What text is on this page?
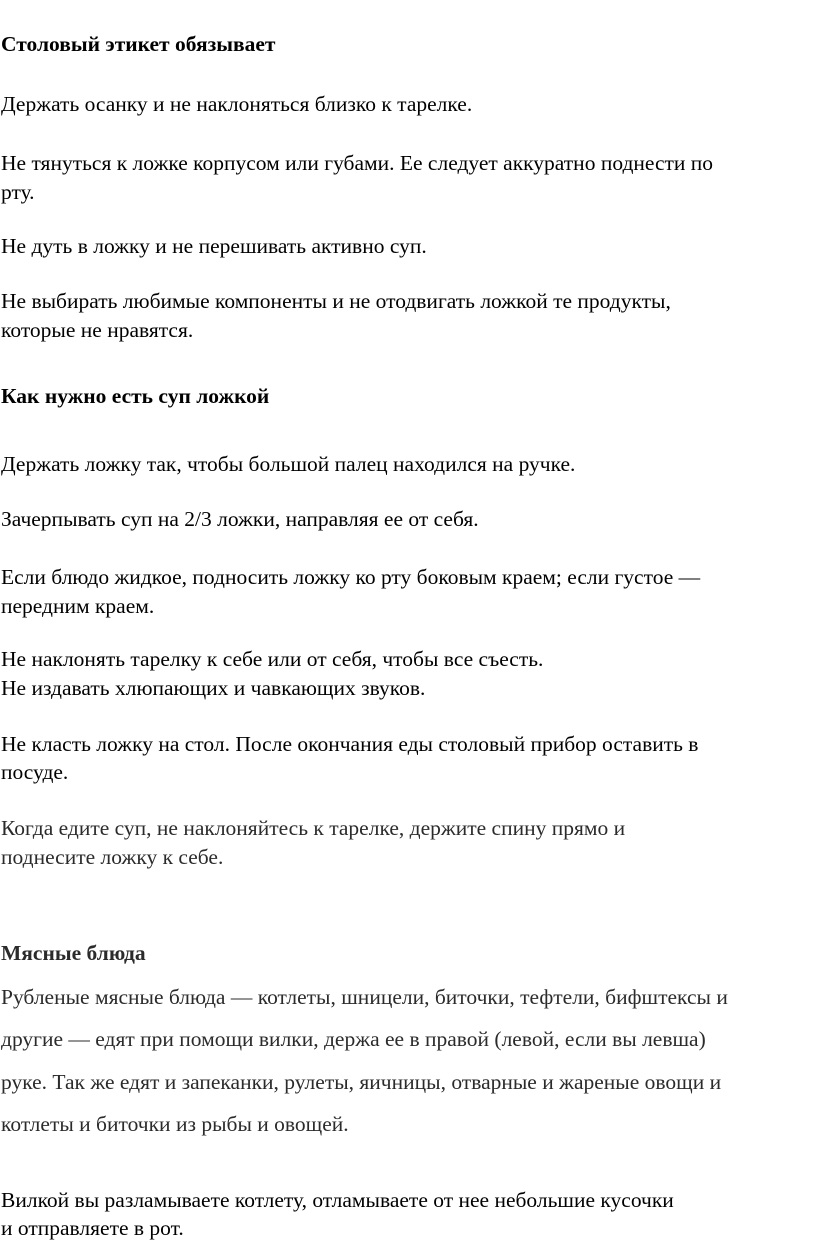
Столовый этикет обязывает
Держать осанку и не наклоняться близко к тарелке.
Не тянуться к ложке корпусом или губами. Ее следует аккуратно поднести по
рту.
Не дуть в ложку и не перешивать активно суп.
Не выбирать любимые компоненты и не отодвигать ложкой те продукты,
которые не нравятся.
Как нужно есть суп ложкой
Держать ложку так, чтобы большой палец находился на ручке.
Зачерпывать суп на 2/3 ложки, направляя ее от себя.
Если блюдо жидкое, подносить ложку ко рту боковым краем; если густое —
передним краем.
Не наклонять тарелку к себе или от себя, чтобы все съесть.
Не издавать хлюпающих и чавкающих звуков.
Не класть ложку на стол. После окончания еды столовый прибор оставить в
посуде.
Когда едите суп, не наклоняйтесь к тарелке, держите спину прямо и
поднесите ложку к себе.
Мясные блюда
Рубленые мясные блюда — котлеты, шницели, биточки, тефтели, бифштексы и
другие — едят при помощи вилки, держа ее в правой (левой, если вы левша)
руке. Так же едят и запеканки, рулеты, яичницы, отварные и жареные овощи и
котлеты и биточки из рыбы и овощей.
Вилкой вы разламываете котлету, отламываете от нее небольшие кусочки
и отправляете в рот.
